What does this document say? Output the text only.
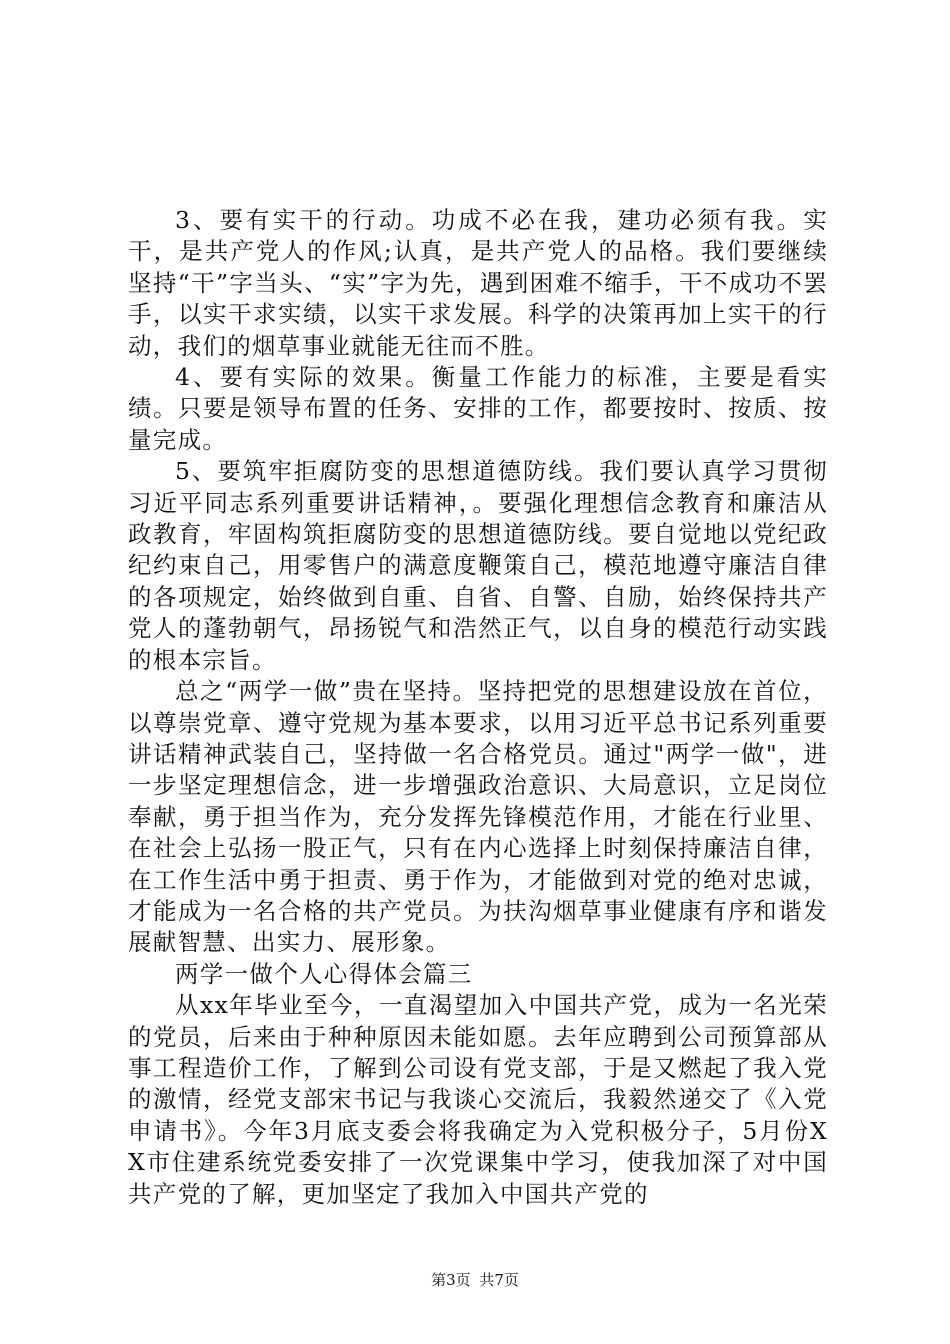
3、要有实干的行动。功成不必在我，建功必须有我。实干，是共产党人的作风;认真，是共产党人的品格。我们要继续坚持“干”字当头、“实”字为先，遇到困难不缩手，干不成功不罢手，以实干求实绩，以实干求发展。科学的决策再加上实干的行动，我们的烟草事业就能无往而不胜。

4、要有实际的效果。衡量工作能力的标准，主要是看实绩。只要是领导布置的任务、安排的工作，都要按时、按质、按量完成。

5、要筑牢拒腐防变的思想道德防线。我们要认真学习贯彻习近平同志系列重要讲话精神，。要强化理想信念教育和廉洁从政教育，牢固构筑拒腐防变的思想道德防线。要自觉地以党纪政纪约束自己，用零售户的满意度鞭策自己，模范地遵守廉洁自律的各项规定，始终做到自重、自省、自警、自励，始终保持共产党人的蓬勃朝气，昂扬锐气和浩然正气，以自身的模范行动实践的根本宗旨。

总之“两学一做”贵在坚持。坚持把党的思想建设放在首位，以尊崇党章、遵守党规为基本要求，以用习近平总书记系列重要讲话精神武装自己，坚持做一名合格党员。通过"两学一做"，进一步坚定理想信念，进一步增强政治意识、大局意识，立足岗位奉献，勇于担当作为，充分发挥先锋模范作用，才能在行业里、在社会上弘扬一股正气，只有在内心选择上时刻保持廉洁自律，在工作生活中勇于担责、勇于作为，才能做到对党的绝对忠诚，才能成为一名合格的共产党员。为扶沟烟草事业健康有序和谐发展献智慧、出实力、展形象。

两学一做个人心得体会篇三

从xx年毕业至今，一直渴望加入中国共产党，成为一名光荣的党员，后来由于种种原因未能如愿。去年应聘到公司预算部从事工程造价工作，了解到公司设有党支部，于是又燃起了我入党的激情，经党支部宋书记与我谈心交流后，我毅然递交了《入党申请书》。今年3月底支委会将我确定为入党积极分子，5月份XX市住建系统党委安排了一次党课集中学习，使我加深了对中国共产党的了解，更加坚定了我加入中国共产党的

第3页 共7页
